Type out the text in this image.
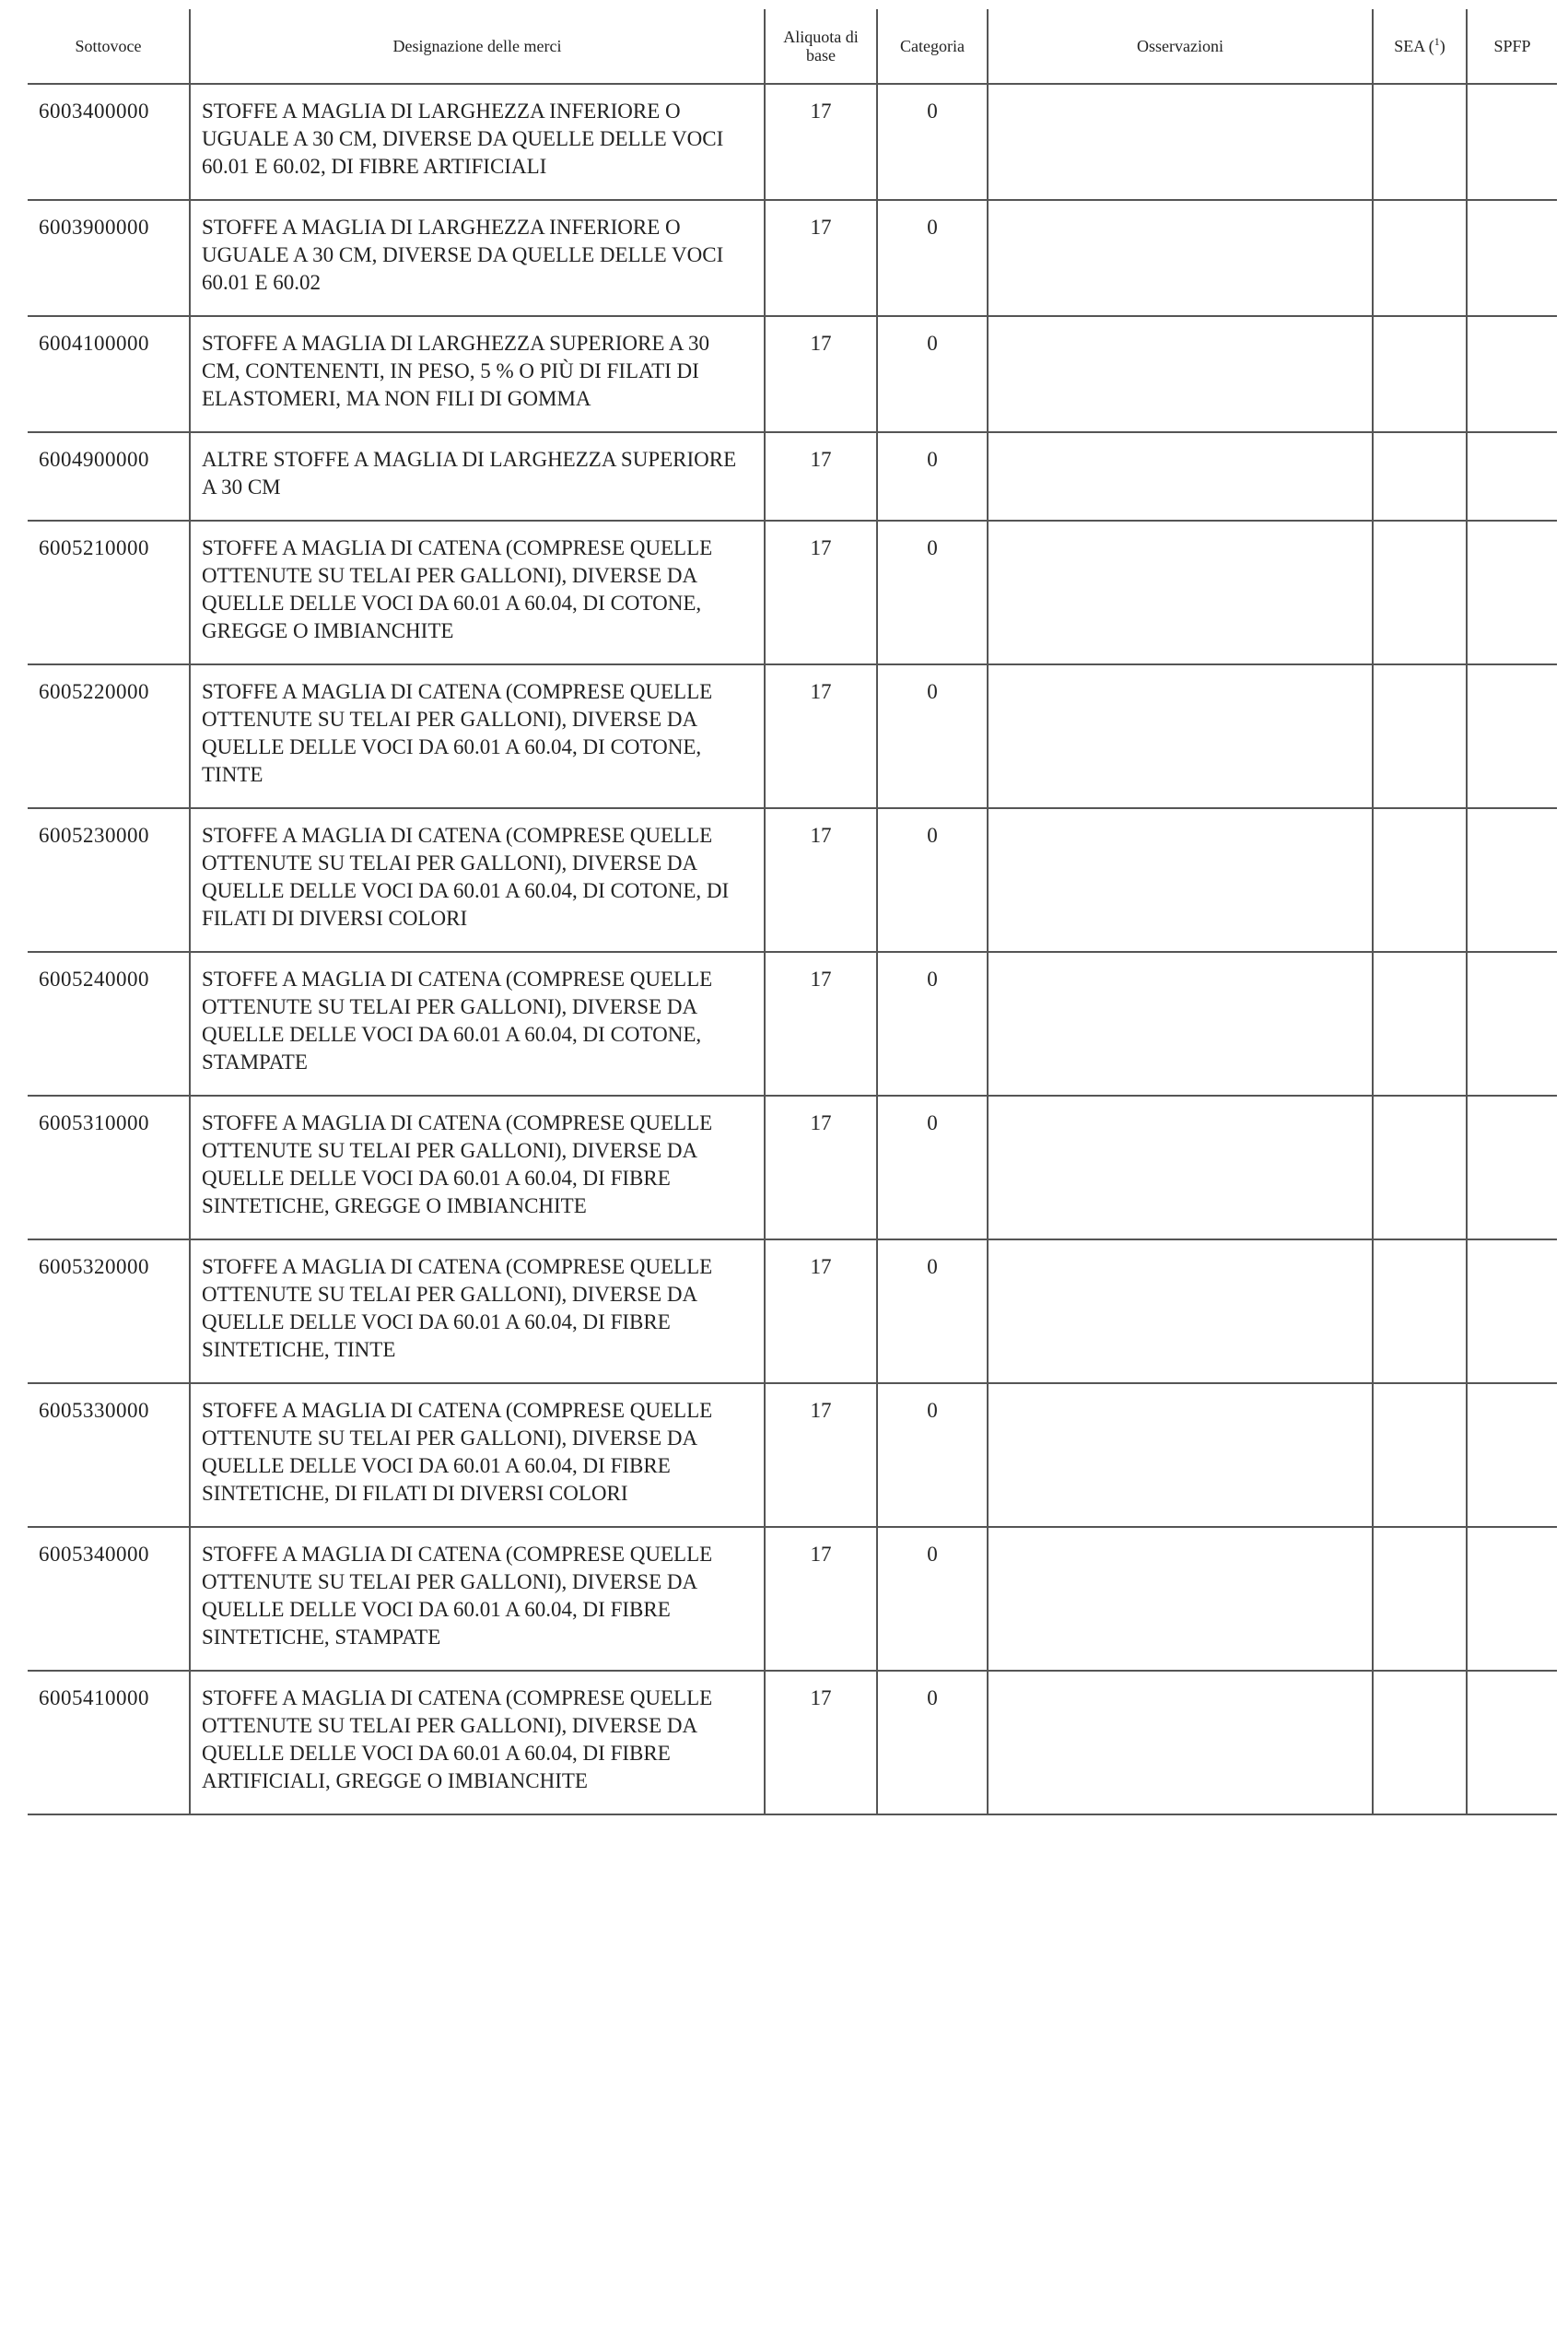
Sottovoce	Designazione delle merci	Aliquota di base	Categoria	Osservazioni	SEA ($^1$)	SPFP
6003400000	STOFFE A MAGLIA DI LARGHEZZA INFERIORE O UGUALE A 30 CM, DIVERSE DA QUELLE DELLE VOCI 60.01 E 60.02, DI FIBRE ARTIFICIALI	17	0			
6003900000	STOFFE A MAGLIA DI LARGHEZZA INFERIORE O UGUALE A 30 CM, DIVERSE DA QUELLE DELLE VOCI 60.01 E 60.02	17	0			
6004100000	STOFFE A MAGLIA DI LARGHEZZA SUPERIORE A 30 CM, CONTENENTI, IN PESO, 5 % O PIÙ DI FILATI DI ELASTOMERI, MA NON FILI DI GOMMA	17	0			
6004900000	ALTRE STOFFE A MAGLIA DI LARGHEZZA SUPERIORE A 30 CM	17	0			
6005210000	STOFFE A MAGLIA DI CATENA (COMPRESE QUELLE OTTENUTE SU TELAI PER GALLONI), DIVERSE DA QUELLE DELLE VOCI DA 60.01 A 60.04, DI COTONE, GREGGE O IMBIANCHITE	17	0			
6005220000	STOFFE A MAGLIA DI CATENA (COMPRESE QUELLE OTTENUTE SU TELAI PER GALLONI), DIVERSE DA QUELLE DELLE VOCI DA 60.01 A 60.04, DI COTONE, TINTE	17	0			
6005230000	STOFFE A MAGLIA DI CATENA (COMPRESE QUELLE OTTENUTE SU TELAI PER GALLONI), DIVERSE DA QUELLE DELLE VOCI DA 60.01 A 60.04, DI COTONE, DI FILATI DI DIVERSI COLORI	17	0			
6005240000	STOFFE A MAGLIA DI CATENA (COMPRESE QUELLE OTTENUTE SU TELAI PER GALLONI), DIVERSE DA QUELLE DELLE VOCI DA 60.01 A 60.04, DI COTONE, STAMPATE	17	0			
6005310000	STOFFE A MAGLIA DI CATENA (COMPRESE QUELLE OTTENUTE SU TELAI PER GALLONI), DIVERSE DA QUELLE DELLE VOCI DA 60.01 A 60.04, DI FIBRE SINTETICHE, GREGGE O IMBIANCHITE	17	0			
6005320000	STOFFE A MAGLIA DI CATENA (COMPRESE QUELLE OTTENUTE SU TELAI PER GALLONI), DIVERSE DA QUELLE DELLE VOCI DA 60.01 A 60.04, DI FIBRE SINTETICHE, TINTE	17	0			
6005330000	STOFFE A MAGLIA DI CATENA (COMPRESE QUELLE OTTENUTE SU TELAI PER GALLONI), DIVERSE DA QUELLE DELLE VOCI DA 60.01 A 60.04, DI FIBRE SINTETICHE, DI FILATI DI DIVERSI COLORI	17	0			
6005340000	STOFFE A MAGLIA DI CATENA (COMPRESE QUELLE OTTENUTE SU TELAI PER GALLONI), DIVERSE DA QUELLE DELLE VOCI DA 60.01 A 60.04, DI FIBRE SINTETICHE, STAMPATE	17	0			
6005410000	STOFFE A MAGLIA DI CATENA (COMPRESE QUELLE OTTENUTE SU TELAI PER GALLONI), DIVERSE DA QUELLE DELLE VOCI DA 60.01 A 60.04, DI FIBRE ARTIFICIALI, GREGGE O IMBIANCHITE	17	0			
